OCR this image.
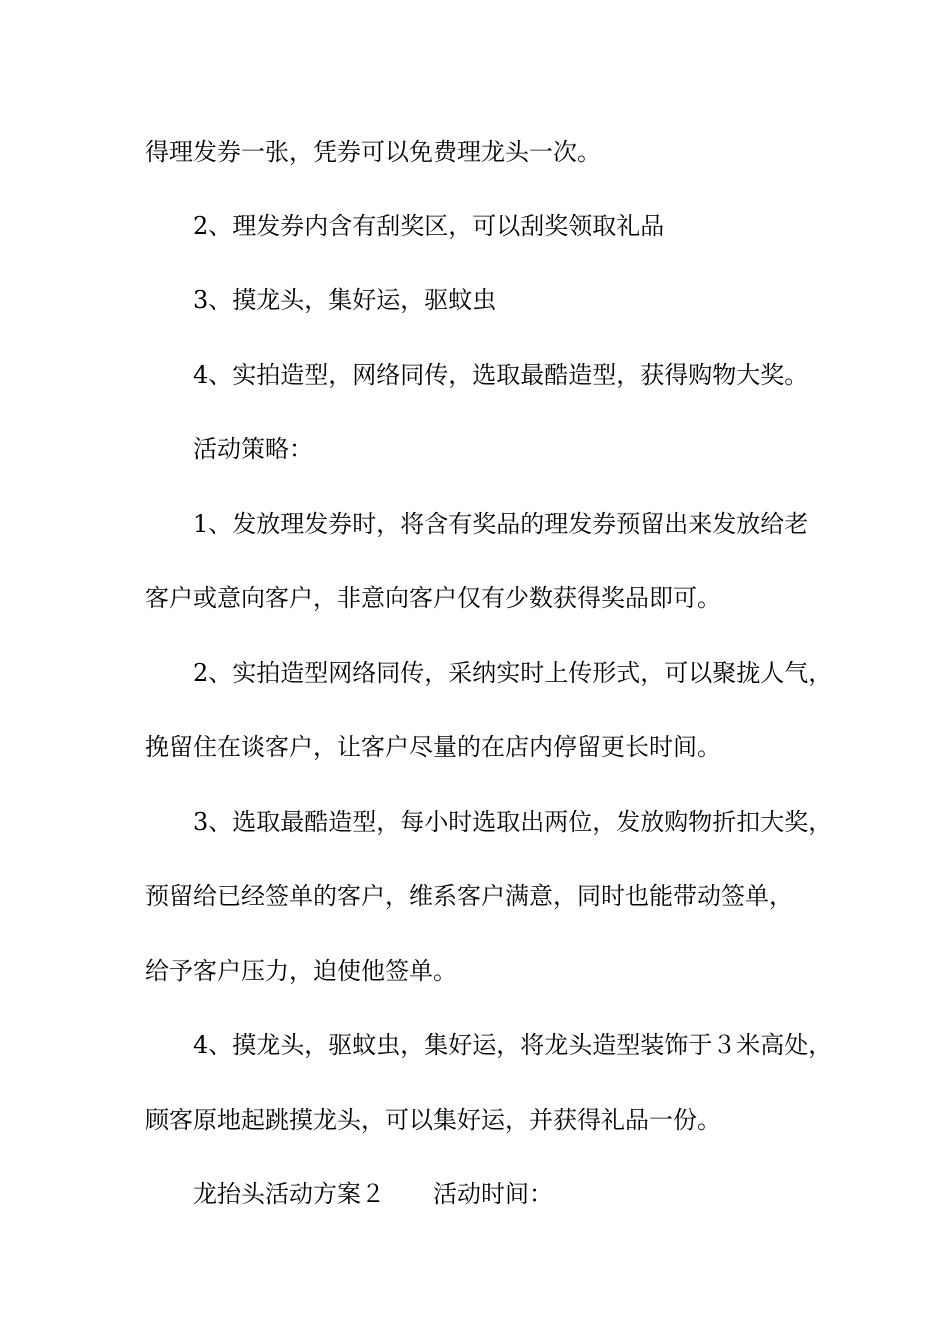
得理发券一张，凭券可以免费理龙头一次。
2、理发券内含有刮奖区，可以刮奖领取礼品
3、摸龙头，集好运，驱蚊虫
4、实拍造型，网络同传，选取最酷造型，获得购物大奖。
活动策略：
1、发放理发券时，将含有奖品的理发券预留出来发放给老
客户或意向客户，非意向客户仅有少数获得奖品即可。
2、实拍造型网络同传，采纳实时上传形式，可以聚拢人气，
挽留住在谈客户，让客户尽量的在店内停留更长时间。
3、选取最酷造型，每小时选取出两位，发放购物折扣大奖，
预留给已经签单的客户，维系客户满意，同时也能带动签单，
给予客户压力，迫使他签单。
4、摸龙头，驱蚊虫，集好运，将龙头造型装饰于３米高处，
顾客原地起跳摸龙头，可以集好运，并获得礼品一份。
龙抬头活动方案２　　活动时间：
